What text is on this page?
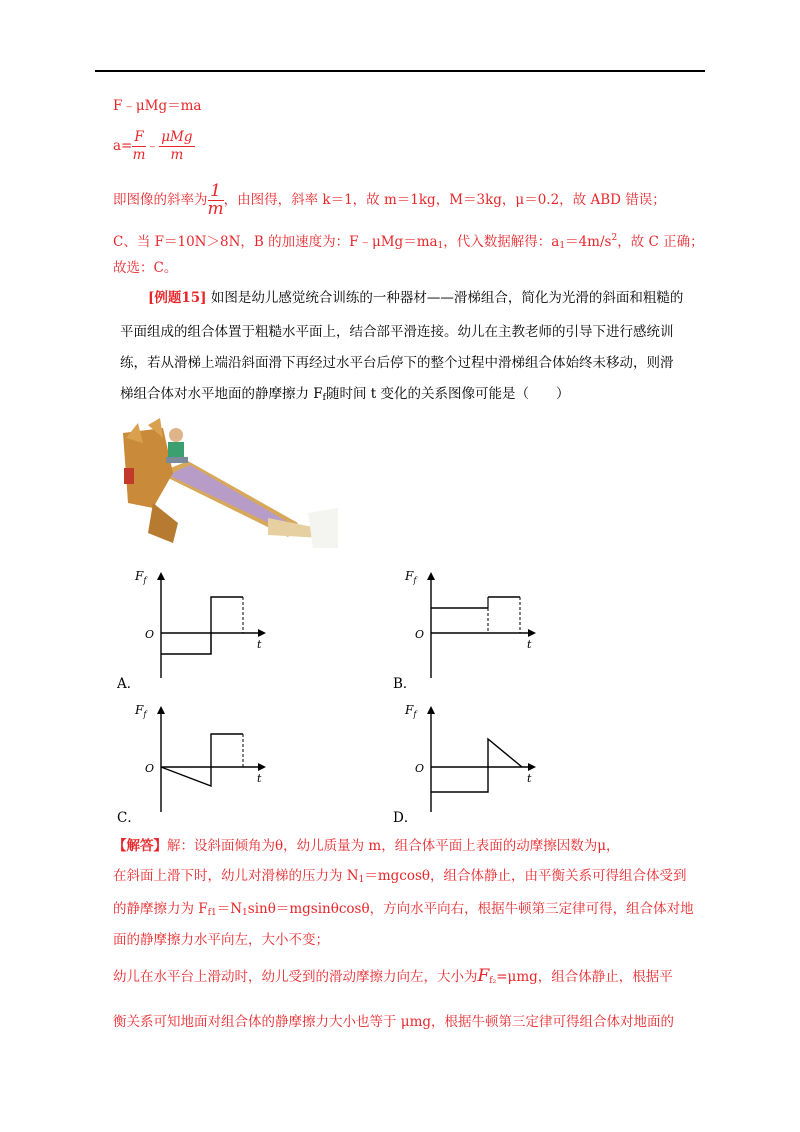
F﹣μMg＝ma
$a= \frac{F}{m}$ ﹣ $\frac{\text{μMg}}{m}$
即图像的斜率为 $\frac{1}{m}$ ，由图得，斜率 k＝1，故 m＝1kg，M＝3kg，μ＝0.2，故 ABD 错误；
C、当 F＝10N＞8N，B 的加速度为：$F﹣\mu Mg=ma_1$，代入数据解得：$a_1=4m/s^2$，故 C 正确；
故选：C。
[例题15] 如图是幼儿感觉统合训练的一种器材——滑梯组合，简化为光滑的斜面和粗糙的
平面组成的组合体置于粗糙水平面上，结合部平滑连接。幼儿在主教老师的引导下进行感统训
练，若从滑梯上端沿斜面滑下再经过水平台后停下的整个过程中滑梯组合体始终未移动，则滑
梯组合体对水平地面的静摩擦力 $F_f$随时间 t 变化的关系图像可能是（　　）
$F_f$
O
t
A．
$F_f$
O
t
B．
$F_f$
O
t
C．
$F_f$
O
t
D．
【解答】解：设斜面倾角为θ，幼儿质量为 m，组合体平面上表面的动摩擦因数为μ，
在斜面上滑下时，幼儿对滑梯的压力为 $N_1=mgcos\theta$，组合体静止，由平衡关系可得组合体受到
的静摩擦力为 $F_{f1}=N_1\sin\theta=mgsin\theta\cos\theta$，方向水平向右，根据牛顿第三定律可得，组合体对地
面的静摩擦力水平向左，大小不变；
幼儿在水平台上滑动时，幼儿受到的滑动摩擦力向左，大小为$F_{f_2}=\mu mg$，组合体静止，根据平
衡关系可知地面对组合体的静摩擦力大小也等于 μmg，根据牛顿第三定律可得组合体对地面的
